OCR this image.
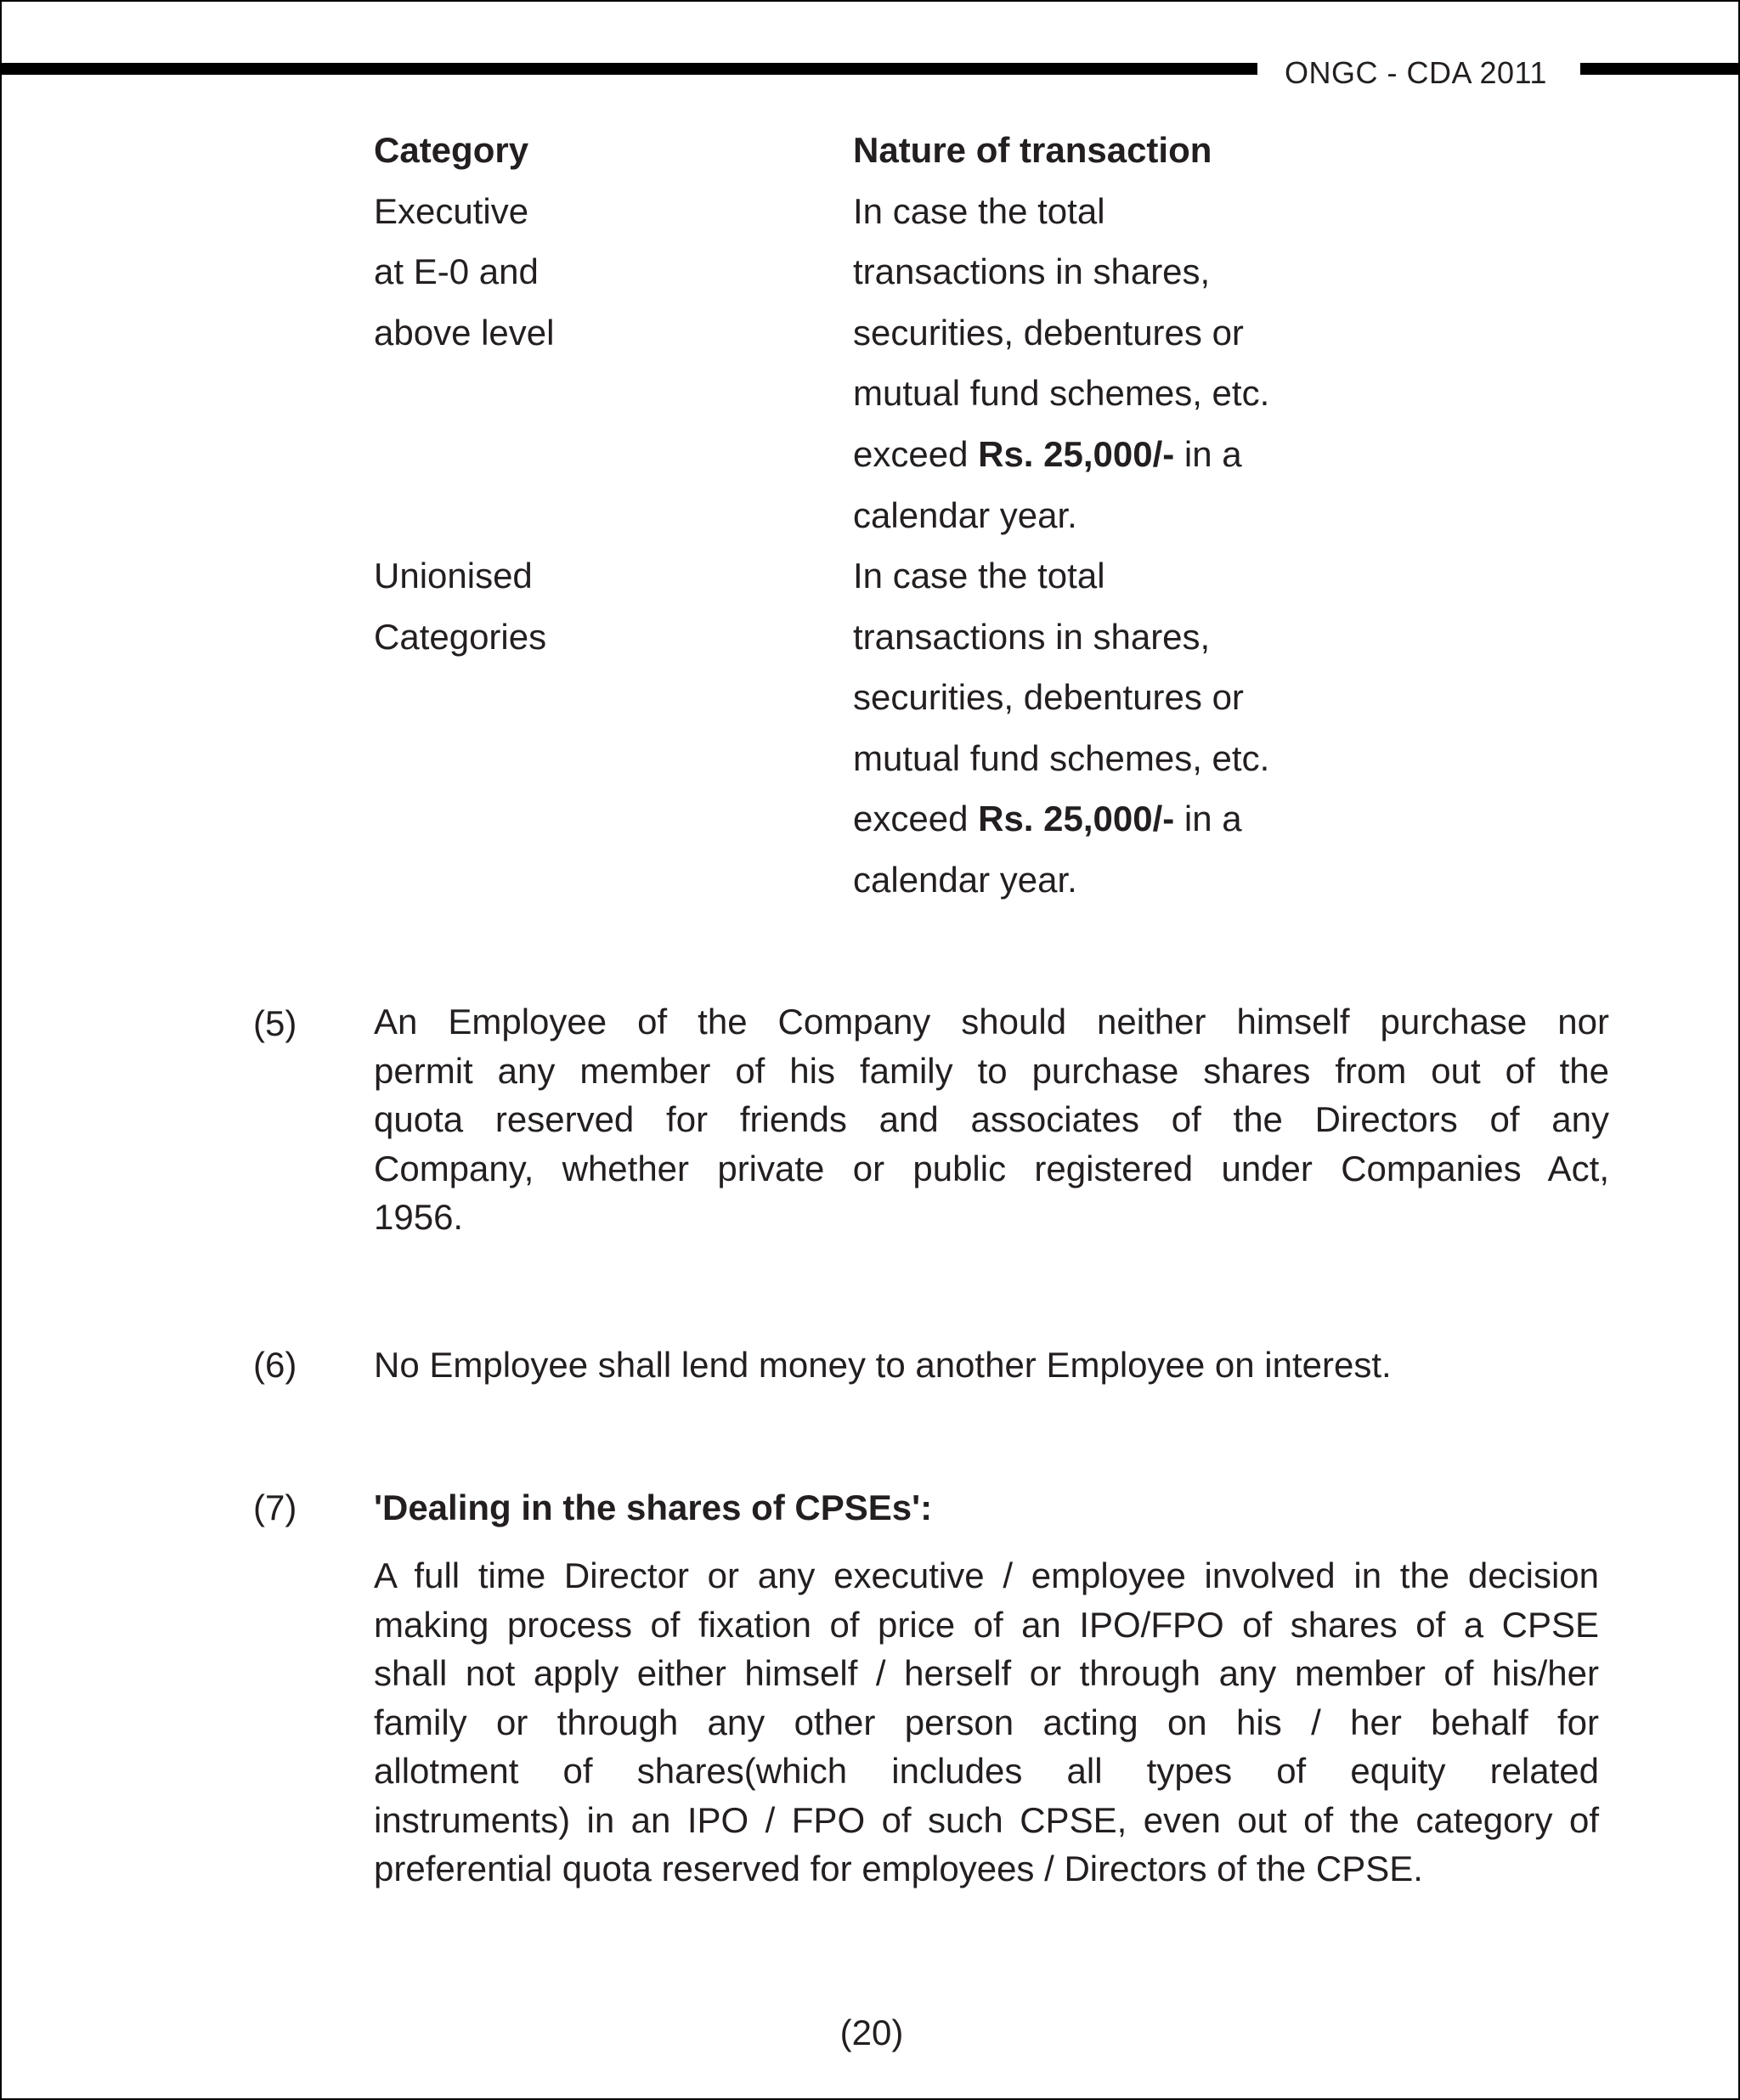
ONGC - CDA 2011
Category	Nature of transaction
Executive
at E-0 and
above level
In case the total
transactions in shares,
securities, debentures or
mutual fund schemes, etc.
exceed Rs. 25,000/- in a
calendar year.
Unionised
Categories
In case the total
transactions in shares,
securities, debentures or
mutual fund schemes, etc.
exceed Rs. 25,000/- in a
calendar year.
(5) An Employee of the Company should neither himself purchase nor
permit any member of his family to purchase shares from out of the
quota reserved for friends and associates of the Directors of any
Company, whether private or public registered under Companies Act,
1956.
(6) No Employee shall lend money to another Employee on interest.
(7) 'Dealing in the shares of CPSEs':
A full time Director or any executive / employee involved in the decision
making process of fixation of price of an IPO/FPO of shares of a CPSE
shall not apply either himself / herself or through any member of his/her
family or through any other person acting on his / her behalf for
allotment of shares(which includes all types of equity related
instruments) in an IPO / FPO of such CPSE, even out of the category of
preferential quota reserved for employees / Directors of the CPSE.
(20)
